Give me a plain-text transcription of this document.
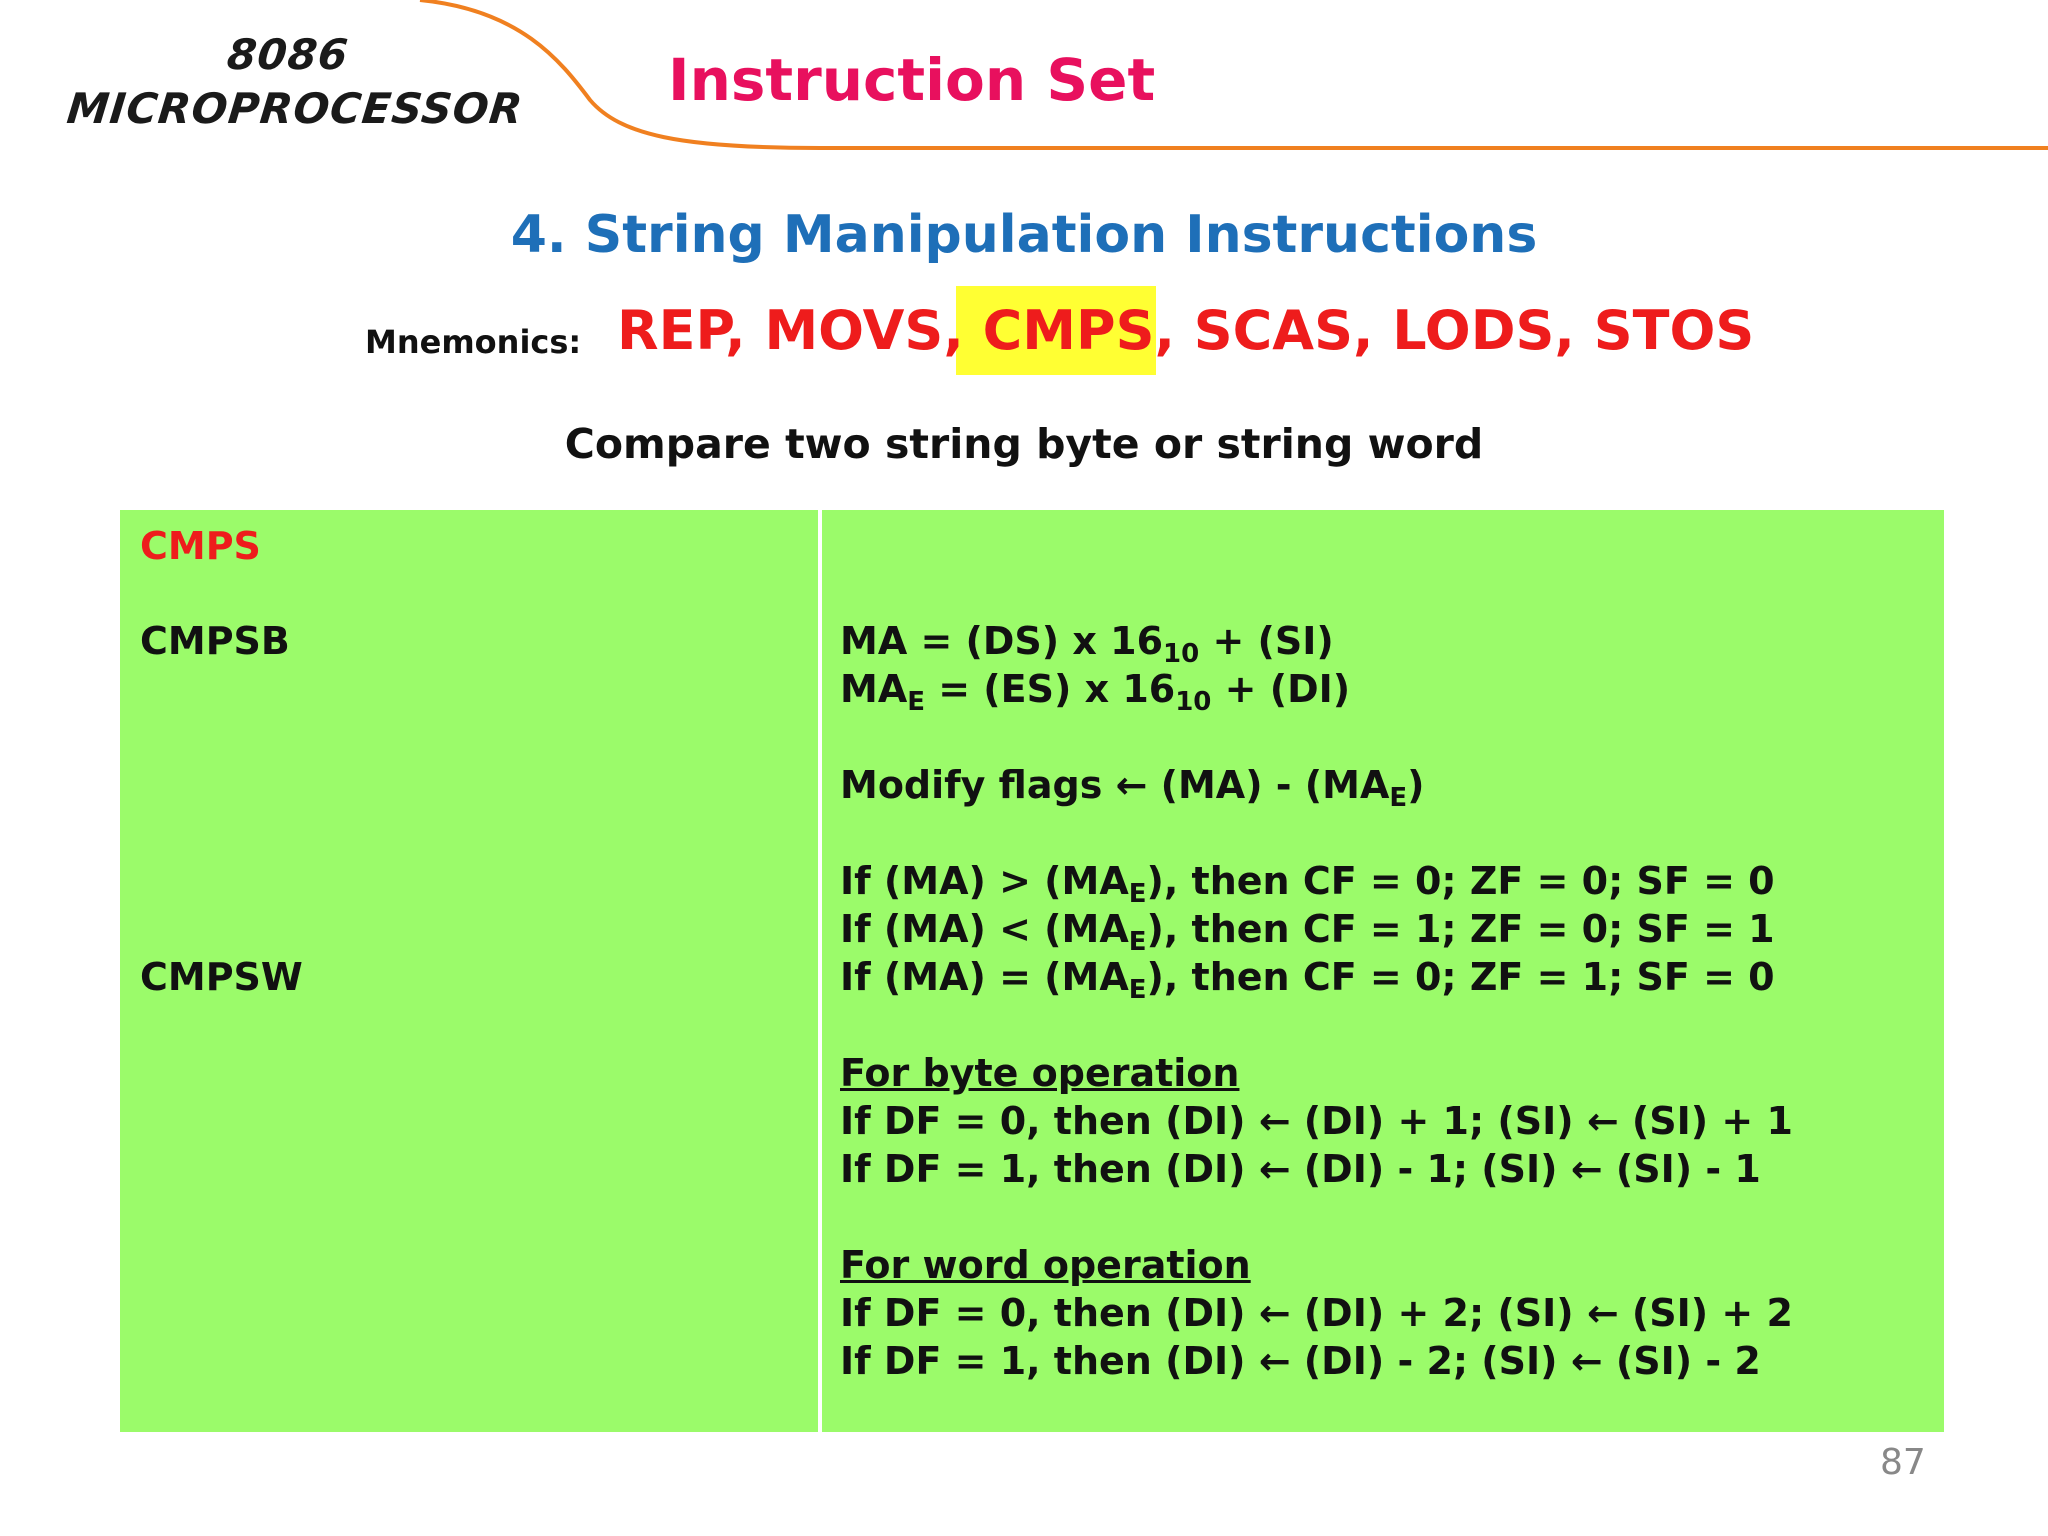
8086
MICROPROCESSOR Instruction Set
4. String Manipulation Instructions
Mnemonics: REP, MOVS, CMPS, SCAS, LODS, STOS
Compare two string byte or string word
CMPS
CMPSB
CMPSW
MA = (DS) x $16_{10} + (SI)$
$MA_E = (ES)$ x $16_{10} + (DI)$
Modify flags ← $(MA) - (MA_E)$
If $(MA) > (MA_E)$, then CF = 0; ZF = 0; SF = 0
If $(MA) < (MA_E)$, then CF = 1; ZF = 0; SF = 1
If $(MA) = (MA_E)$, then CF = 0; ZF = 1; SF = 0
For byte operation
If DF = 0, then (DI) ← (DI) + 1; (SI) ← (SI) + 1
If DF = 1, then (DI) ← (DI) - 1; (SI) ← (SI) - 1
For word operation
If DF = 0, then (DI) ← (DI) + 2; (SI) ← (SI) + 2
If DF = 1, then (DI) ← (DI) - 2; (SI) ← (SI) - 2
87
